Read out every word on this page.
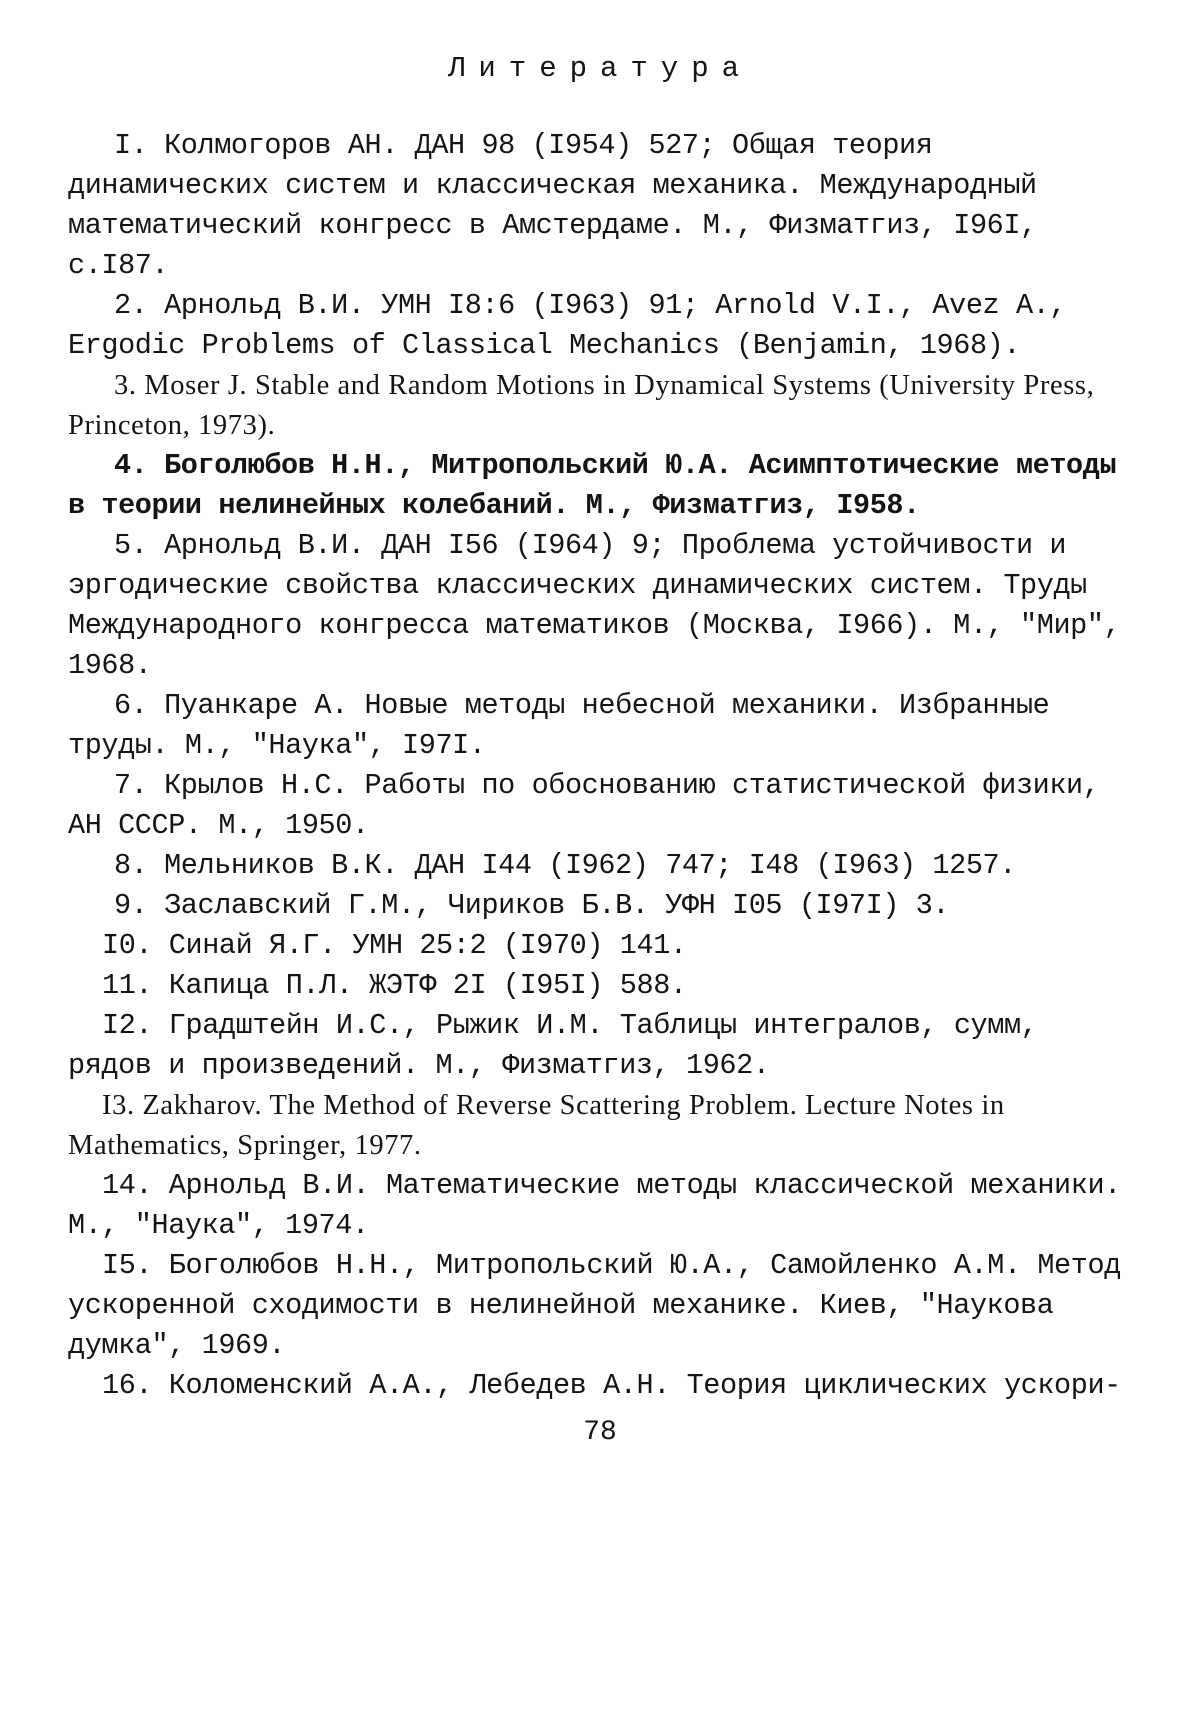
Литература

I. Колмогоров АН. ДАН 98 (I954) 527; Общая теория динамических систем и классическая механика. Международный математический конгресс в Амстердаме. М., Физматгиз, I96I, с.I87.

2. Арнольд В.И. УМН I8:6 (I963) 91; Arnold V.I., Avez A., Ergodic Problems of Classical Mechanics (Benjamin, 1968).

3. Moser J. Stable and Random Motions in Dynamical Systems (University Press, Princeton, 1973).

4. Боголюбов Н.Н., Митропольский Ю.А. Асимптотические методы в теории нелинейных колебаний. М., Физматгиз, I958.

5. Арнольд В.И. ДАН I56 (I964) 9; Проблема устойчивости и эргодические свойства классических динамических систем. Труды Международного конгресса математиков (Москва, I966). М., "Мир", 1968.

6. Пуанкаре А. Новые методы небесной механики. Избранные труды. М., "Наука", I97I.

7. Крылов Н.С. Работы по обоснованию статистической физики, АН СССР. М., 1950.

8. Мельников В.К. ДАН I44 (I962) 747; I48 (I963) 1257.

9. Заславский Г.М., Чириков Б.В. УФН I05 (I97I) 3.

I0. Синай Я.Г. УМН 25:2 (I970) 141.

11. Капица П.Л. ЖЭТФ 2I (I95I) 588.

I2. Градштейн И.С., Рыжик И.М. Таблицы интегралов, сумм, рядов и произведений. М., Физматгиз, 1962.

I3. Zakharov. The Method of Reverse Scattering Problem. Lecture Notes in Mathematics, Springer, 1977.

14. Арнольд В.И. Математические методы классической механики. М., "Наука", 1974.

I5. Боголюбов Н.Н., Митропольский Ю.А., Самойленко А.М. Метод ускоренной сходимости в нелинейной механике. Киев, "Наукова думка", 1969.

16. Коломенский А.А., Лебедев А.Н. Теория циклических ускори-

78
